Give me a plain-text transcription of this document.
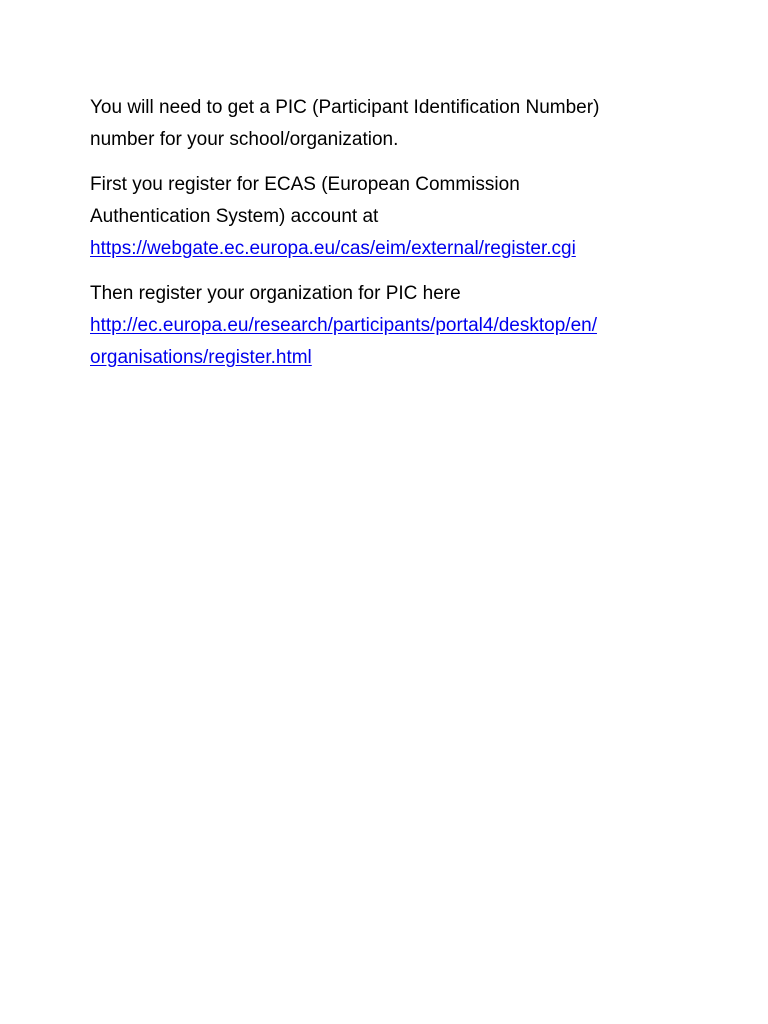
You will need to get a PIC (Participant Identification Number)
number for your school/organization.

First you register for ECAS (European Commission
Authentication System) account at
https://webgate.ec.europa.eu/cas/eim/external/register.cgi

Then register your organization for PIC here
http://ec.europa.eu/research/participants/portal4/desktop/en/
organisations/register.html
